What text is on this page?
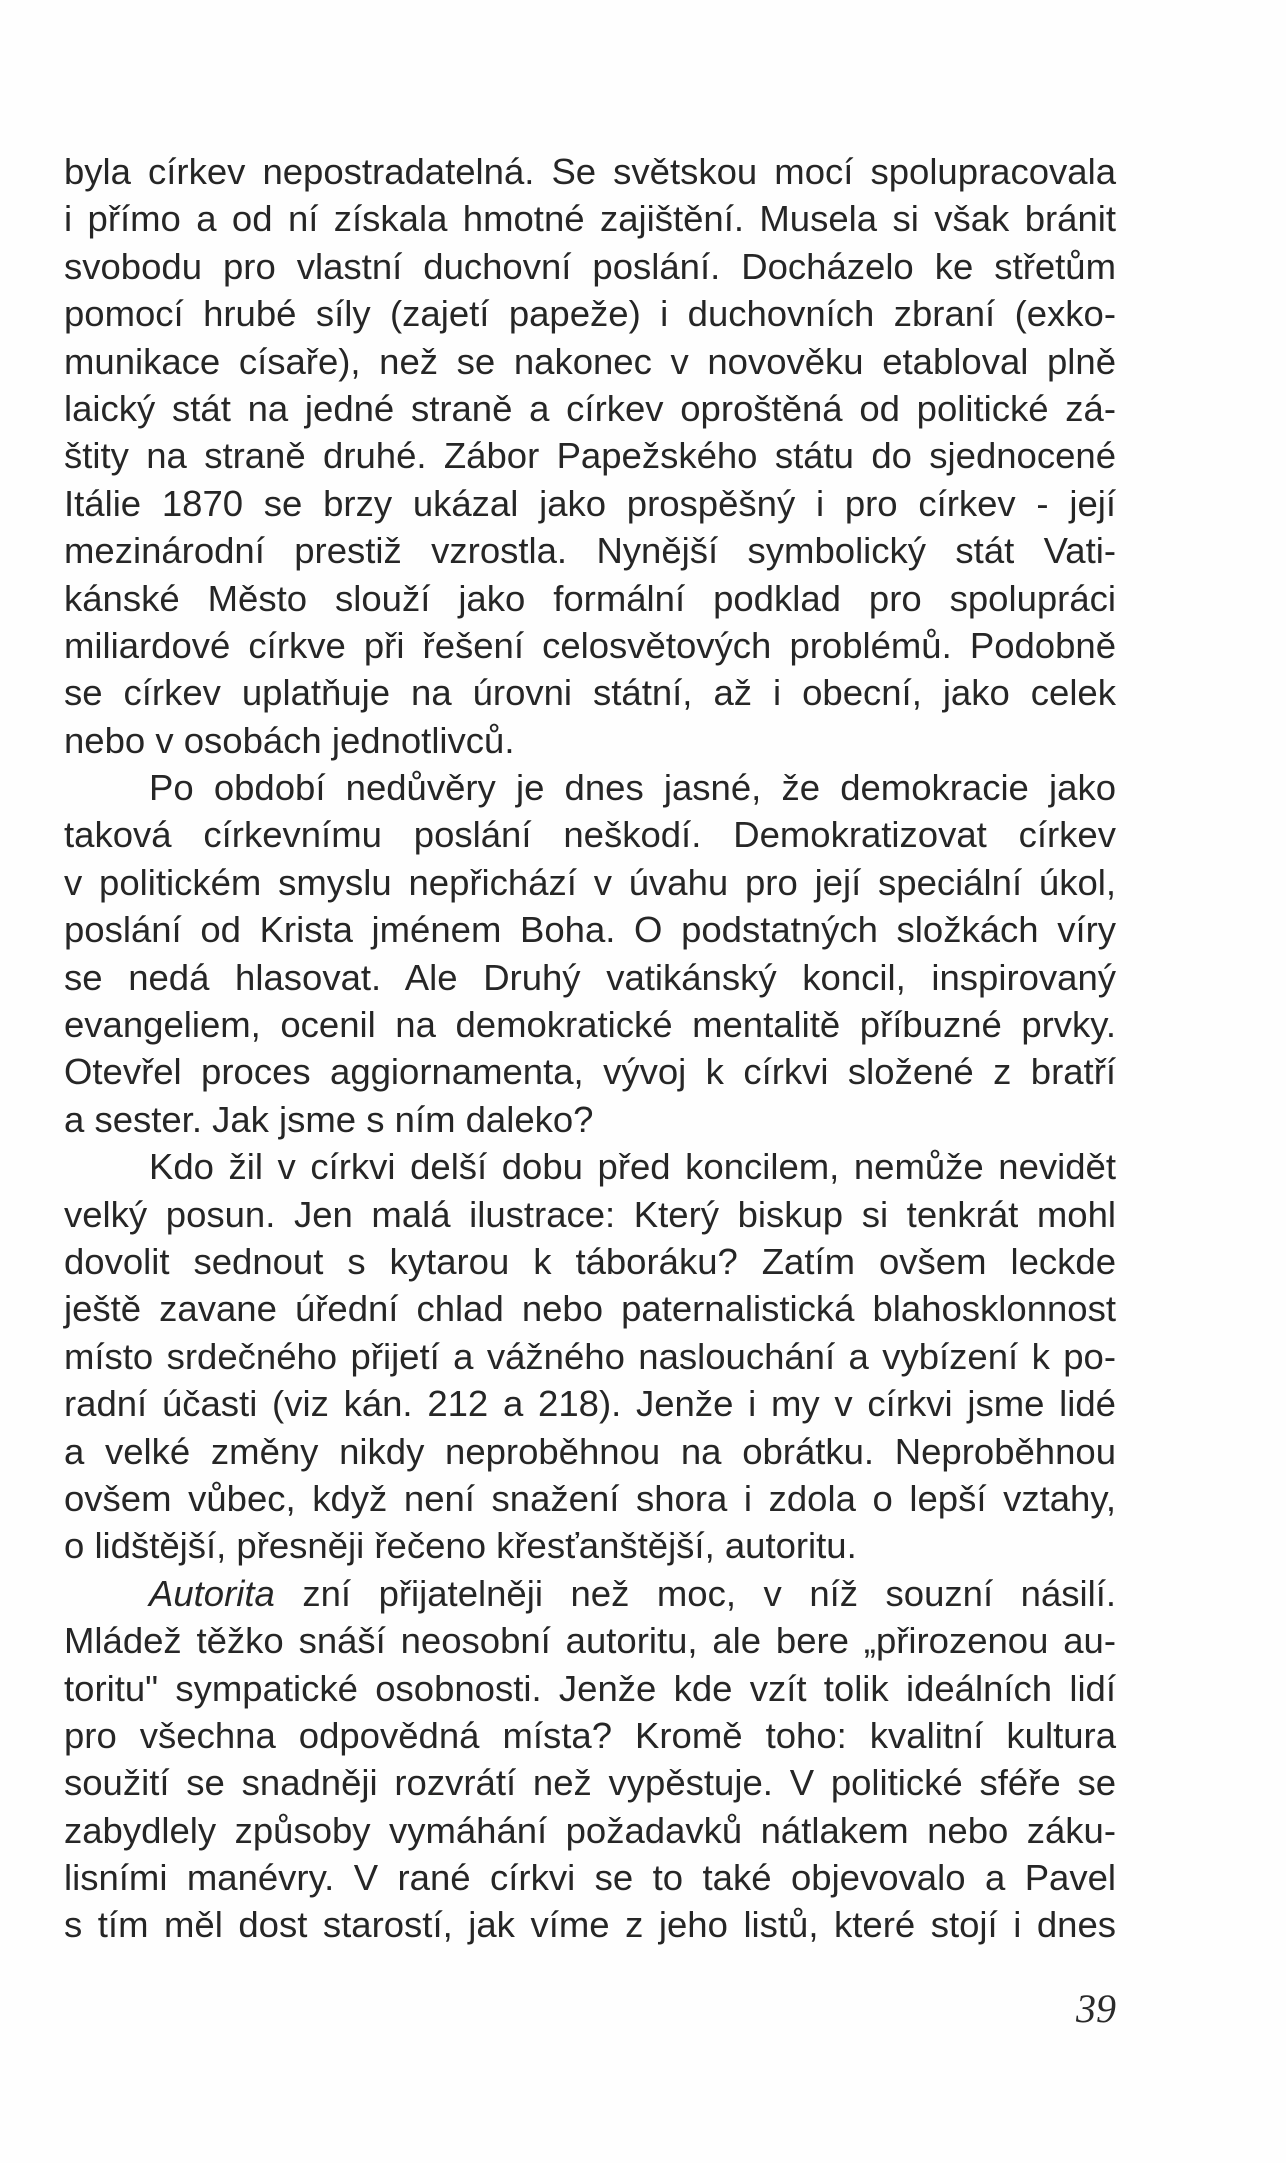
byla církev nepostradatelná. Se světskou mocí spolupracovala
i přímo a od ní získala hmotné zajištění. Musela si však bránit
svobodu pro vlastní duchovní poslání. Docházelo ke střetům
pomocí hrubé síly (zajetí papeže) i duchovních zbraní (exko-
munikace císaře), než se nakonec v novověku etabloval plně
laický stát na jedné straně a církev oproštěná od politické zá-
štity na straně druhé. Zábor Papežského státu do sjednocené
Itálie 1870 se brzy ukázal jako prospěšný i pro církev - její
mezinárodní prestiž vzrostla. Nynější symbolický stát Vati-
kánské Město slouží jako formální podklad pro spolupráci
miliardové církve při řešení celosvětových problémů. Podobně
se církev uplatňuje na úrovni státní, až i obecní, jako celek
nebo v osobách jednotlivců.
Po období nedůvěry je dnes jasné, že demokracie jako
taková církevnímu poslání neškodí. Demokratizovat církev
v politickém smyslu nepřichází v úvahu pro její speciální úkol,
poslání od Krista jménem Boha. O podstatných složkách víry
se nedá hlasovat. Ale Druhý vatikánský koncil, inspirovaný
evangeliem, ocenil na demokratické mentalitě příbuzné prvky.
Otevřel proces aggiornamenta, vývoj k církvi složené z bratří
a sester. Jak jsme s ním daleko?
Kdo žil v církvi delší dobu před koncilem, nemůže nevidět
velký posun. Jen malá ilustrace: Který biskup si tenkrát mohl
dovolit sednout s kytarou k táboráku? Zatím ovšem leckde
ještě zavane úřední chlad nebo paternalistická blahosklonnost
místo srdečného přijetí a vážného naslouchání a vybízení k po-
radní účasti (viz kán. 212 a 218). Jenže i my v církvi jsme lidé
a velké změny nikdy neproběhnou na obrátku. Neproběhnou
ovšem vůbec, když není snažení shora i zdola o lepší vztahy,
o lidštější, přesněji řečeno křesťanštější, autoritu.
Autorita zní přijatelněji než moc, v níž souzní násilí.
Mládež těžko snáší neosobní autoritu, ale bere „přirozenou au-
toritu" sympatické osobnosti. Jenže kde vzít tolik ideálních lidí
pro všechna odpovědná místa? Kromě toho: kvalitní kultura
soužití se snadněji rozvrátí než vypěstuje. V politické sféře se
zabydlely způsoby vymáhání požadavků nátlakem nebo záku-
lisními manévry. V rané církvi se to také objevovalo a Pavel
s tím měl dost starostí, jak víme z jeho listů, které stojí i dnes
39
